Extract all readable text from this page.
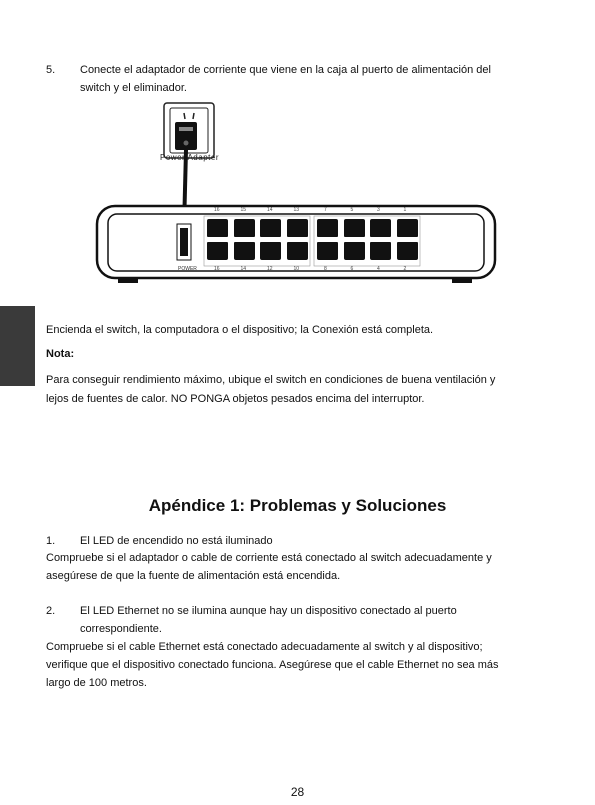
5.	Conecte el adaptador de corriente que viene en la caja al puerto de alimentación del
switch y el eliminador.
16
16
15
14
14
12
13
10
7
8
5
6
3
4
1
2
POWER
Power Adapter
Encienda el switch, la computadora o el dispositivo; la Conexión está completa.
Nota:
Para conseguir rendimiento máximo, ubique el switch en condiciones de buena ventilación y
lejos de fuentes de calor. NO PONGA objetos pesados encima del interruptor.
Apéndice 1: Problemas y Soluciones
1.	El LED de encendido no está iluminado
Compruebe si el adaptador o cable de corriente está conectado al switch adecuadamente y
asegúrese de que la fuente de alimentación está encendida.
2.	El LED Ethernet no se ilumina aunque hay un dispositivo conectado al puerto
correspondiente.
Compruebe si el cable Ethernet está conectado adecuadamente al switch y al dispositivo;
verifique que el dispositivo conectado funciona. Asegúrese que el cable Ethernet no sea más
largo de 100 metros.
28
